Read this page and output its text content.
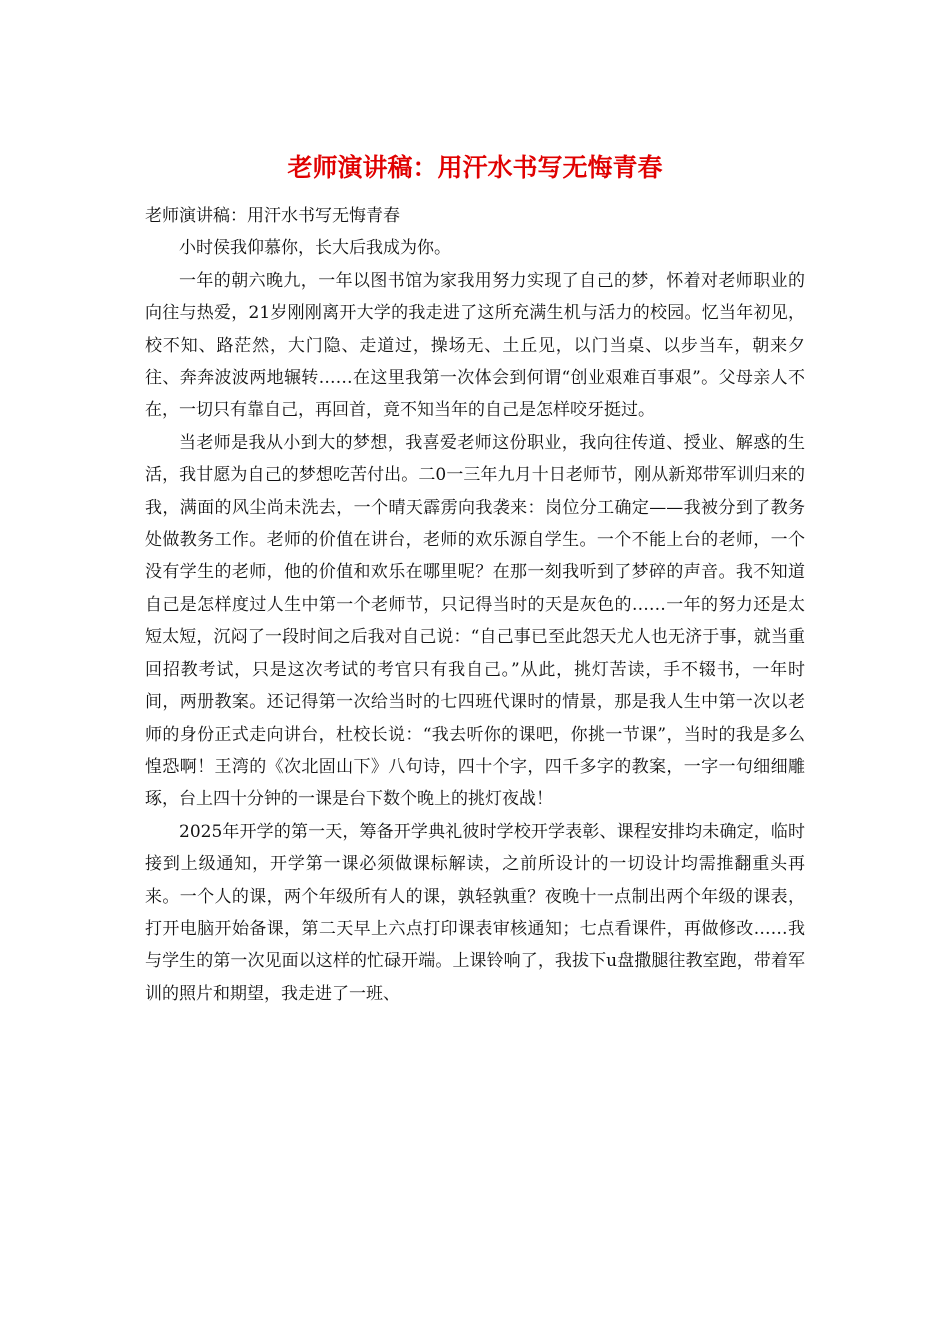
老师演讲稿：用汗水书写无悔青春

老师演讲稿：用汗水书写无悔青春

小时侯我仰慕你，长大后我成为你。

一年的朝六晚九，一年以图书馆为家我用努力实现了自己的梦，怀着对老师职业的向往与热爱，21岁刚刚离开大学的我走进了这所充满生机与活力的校园。忆当年初见，校不知、路茫然，大门隐、走道过，操场无、土丘见，以门当桌、以步当车，朝来夕往、奔奔波波两地辗转……在这里我第一次体会到何谓“创业艰难百事艰”。父母亲人不在，一切只有靠自己，再回首，竟不知当年的自己是怎样咬牙挺过。

当老师是我从小到大的梦想，我喜爱老师这份职业，我向往传道、授业、解惑的生活，我甘愿为自己的梦想吃苦付出。二0一三年九月十日老师节，刚从新郑带军训归来的我，满面的风尘尚未洗去，一个晴天霹雳向我袭来：岗位分工确定——我被分到了教务处做教务工作。老师的价值在讲台，老师的欢乐源自学生。一个不能上台的老师，一个没有学生的老师，他的价值和欢乐在哪里呢？在那一刻我听到了梦碎的声音。我不知道自己是怎样度过人生中第一个老师节，只记得当时的天是灰色的……一年的努力还是太短太短，沉闷了一段时间之后我对自己说：“自己事已至此怨天尤人也无济于事，就当重回招教考试，只是这次考试的考官只有我自己。”从此，挑灯苦读，手不辍书，一年时间，两册教案。还记得第一次给当时的七四班代课时的情景，那是我人生中第一次以老师的身份正式走向讲台，杜校长说：“我去听你的课吧，你挑一节课”，当时的我是多么惶恐啊！王湾的《次北固山下》八句诗，四十个字，四千多字的教案，一字一句细细雕琢，台上四十分钟的一课是台下数个晚上的挑灯夜战！

2025年开学的第一天，筹备开学典礼彼时学校开学表彰、课程安排均未确定，临时接到上级通知，开学第一课必须做课标解读，之前所设计的一切设计均需推翻重头再来。一个人的课，两个年级所有人的课，孰轻孰重？夜晚十一点制出两个年级的课表，打开电脑开始备课，第二天早上六点打印课表审核通知；七点看课件，再做修改……我与学生的第一次见面以这样的忙碌开端。上课铃响了，我拔下u盘撒腿往教室跑，带着军训的照片和期望，我走进了一班、
